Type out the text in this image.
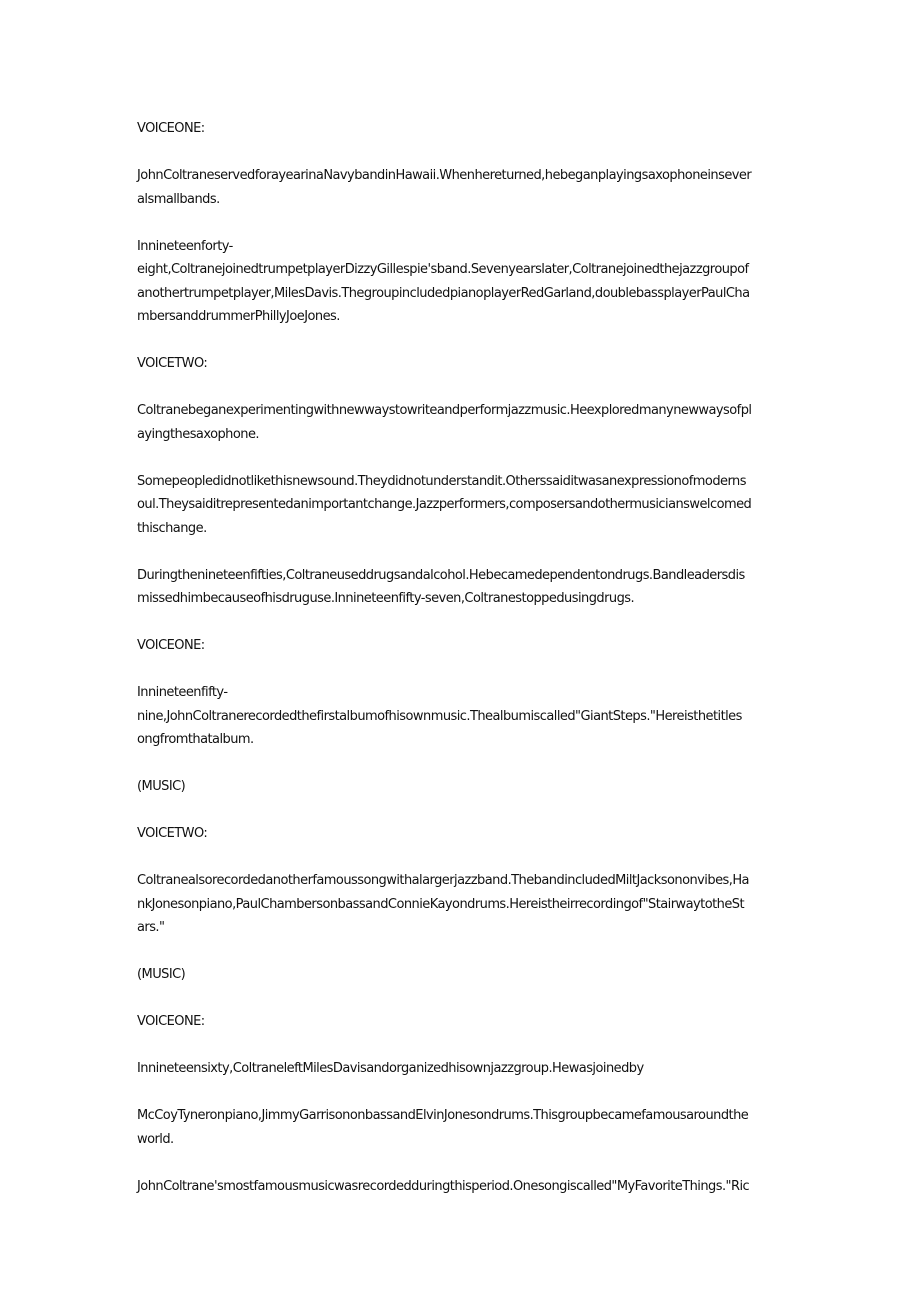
VOICEONE:

JohnColtraneservedforayearinaNavybandinHawaii.Whenhereturned,hebeganplayingsaxophoneinsever
alsmallbands.

Innineteenforty-
eight,ColtranejoinedtrumpetplayerDizzyGillespie'sband.Sevenyearslater,Coltranejoinedthejazzgroupof
anothertrumpetplayer,MilesDavis.ThegroupincludedpianoplayerRedGarland,doublebassplayerPaulCha
mbersanddrummerPhillyJoeJones.

VOICETWO:

Coltranebeganexperimentingwithnewwaystowriteandperformjazzmusic.Heexploredmanynewwaysofpl
ayingthesaxophone.

Somepeopledidnotlikethisnewsound.Theydidnotunderstandit.Otherssaiditwasanexpressionofmoderns
oul.Theysaiditrepresentedanimportantchange.Jazzperformers,composersandothermusicianswelcomed
thischange.

Duringthenineteenfifties,Coltraneuseddrugsandalcohol.Hebecamedependentondrugs.Bandleadersdis
missedhimbecauseofhisdruguse.Innineteenfifty-seven,Coltranestoppedusingdrugs.

VOICEONE:

Innineteenfifty-
nine,JohnColtranerecordedthefirstalbumofhisownmusic.Thealbumiscalled"GiantSteps."Hereisthetitles
ongfromthatalbum.

(MUSIC)

VOICETWO:

Coltranealsorecordedanotherfamoussongwithalargerjazzband.ThebandincludedMiltJacksononvibes,Ha
nkJonesonpiano,PaulChambersonbassandConnieKayondrums.Hereistheirrecordingof"StairwaytotheSt
ars."

(MUSIC)

VOICEONE:

Innineteensixty,ColtraneleftMilesDavisandorganizedhisownjazzgroup.Hewasjoinedby

McCoyTyneronpiano,JimmyGarrisononbassandElvinJonesondrums.Thisgroupbecamefamousaroundthe
world.

JohnColtrane'smostfamousmusicwasrecordedduringthisperiod.Onesongiscalled"MyFavoriteThings."Ric
